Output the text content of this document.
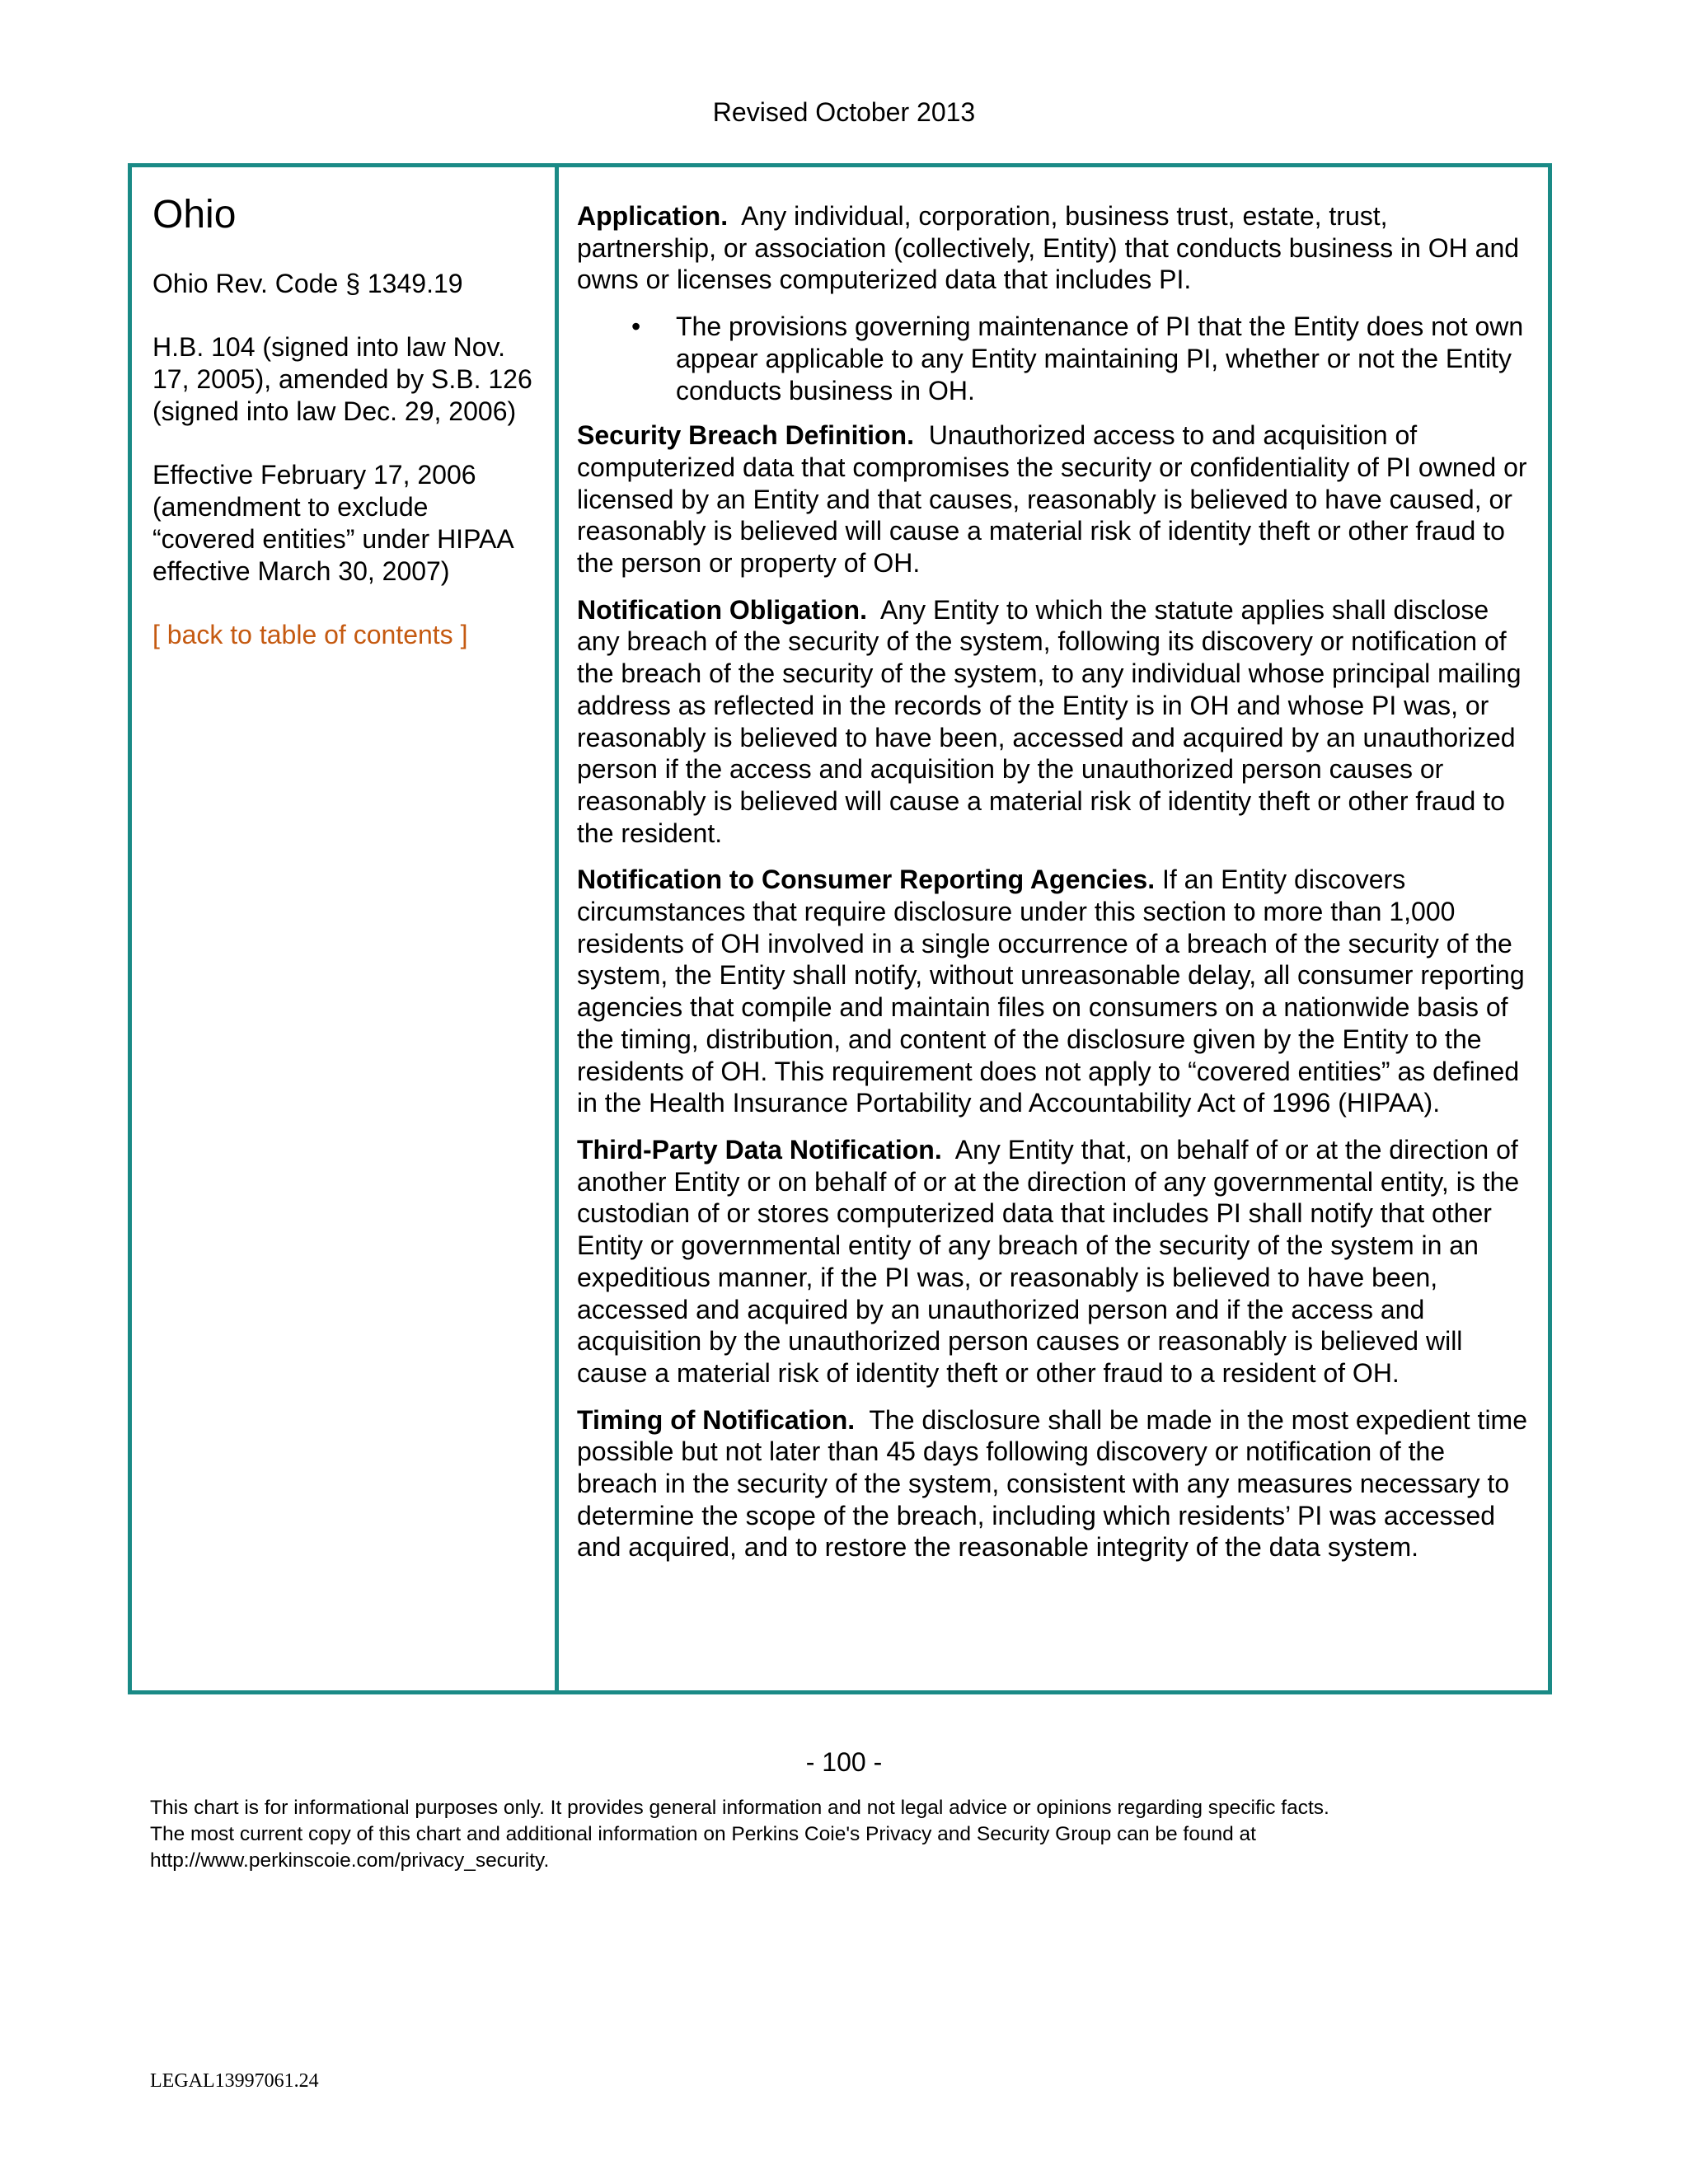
Revised October 2013
Ohio

Ohio Rev. Code § 1349.19

H.B. 104 (signed into law Nov. 17, 2005), amended by S.B. 126 (signed into law Dec. 29, 2006)

Effective February 17, 2006 (amendment to exclude “covered entities” under HIPAA effective March 30, 2007)

[ back to table of contents ]

Application. Any individual, corporation, business trust, estate, trust, partnership, or association (collectively, Entity) that conducts business in OH and owns or licenses computerized data that includes PI.

• The provisions governing maintenance of PI that the Entity does not own appear applicable to any Entity maintaining PI, whether or not the Entity conducts business in OH.

Security Breach Definition. Unauthorized access to and acquisition of computerized data that compromises the security or confidentiality of PI owned or licensed by an Entity and that causes, reasonably is believed to have caused, or reasonably is believed will cause a material risk of identity theft or other fraud to the person or property of OH.

Notification Obligation. Any Entity to which the statute applies shall disclose any breach of the security of the system, following its discovery or notification of the breach of the security of the system, to any individual whose principal mailing address as reflected in the records of the Entity is in OH and whose PI was, or reasonably is believed to have been, accessed and acquired by an unauthorized person if the access and acquisition by the unauthorized person causes or reasonably is believed will cause a material risk of identity theft or other fraud to the resident.

Notification to Consumer Reporting Agencies. If an Entity discovers circumstances that require disclosure under this section to more than 1,000 residents of OH involved in a single occurrence of a breach of the security of the system, the Entity shall notify, without unreasonable delay, all consumer reporting agencies that compile and maintain files on consumers on a nationwide basis of the timing, distribution, and content of the disclosure given by the Entity to the residents of OH. This requirement does not apply to “covered entities” as defined in the Health Insurance Portability and Accountability Act of 1996 (HIPAA).

Third-Party Data Notification. Any Entity that, on behalf of or at the direction of another Entity or on behalf of or at the direction of any governmental entity, is the custodian of or stores computerized data that includes PI shall notify that other Entity or governmental entity of any breach of the security of the system in an expeditious manner, if the PI was, or reasonably is believed to have been, accessed and acquired by an unauthorized person and if the access and acquisition by the unauthorized person causes or reasonably is believed will cause a material risk of identity theft or other fraud to a resident of OH.

Timing of Notification. The disclosure shall be made in the most expedient time possible but not later than 45 days following discovery or notification of the breach in the security of the system, consistent with any measures necessary to determine the scope of the breach, including which residents’ PI was accessed and acquired, and to restore the reasonable integrity of the data system.

- 100 -
This chart is for informational purposes only. It provides general information and not legal advice or opinions regarding specific facts.
The most current copy of this chart and additional information on Perkins Coie's Privacy and Security Group can be found at
http://www.perkinscoie.com/privacy_security.
LEGAL13997061.24
